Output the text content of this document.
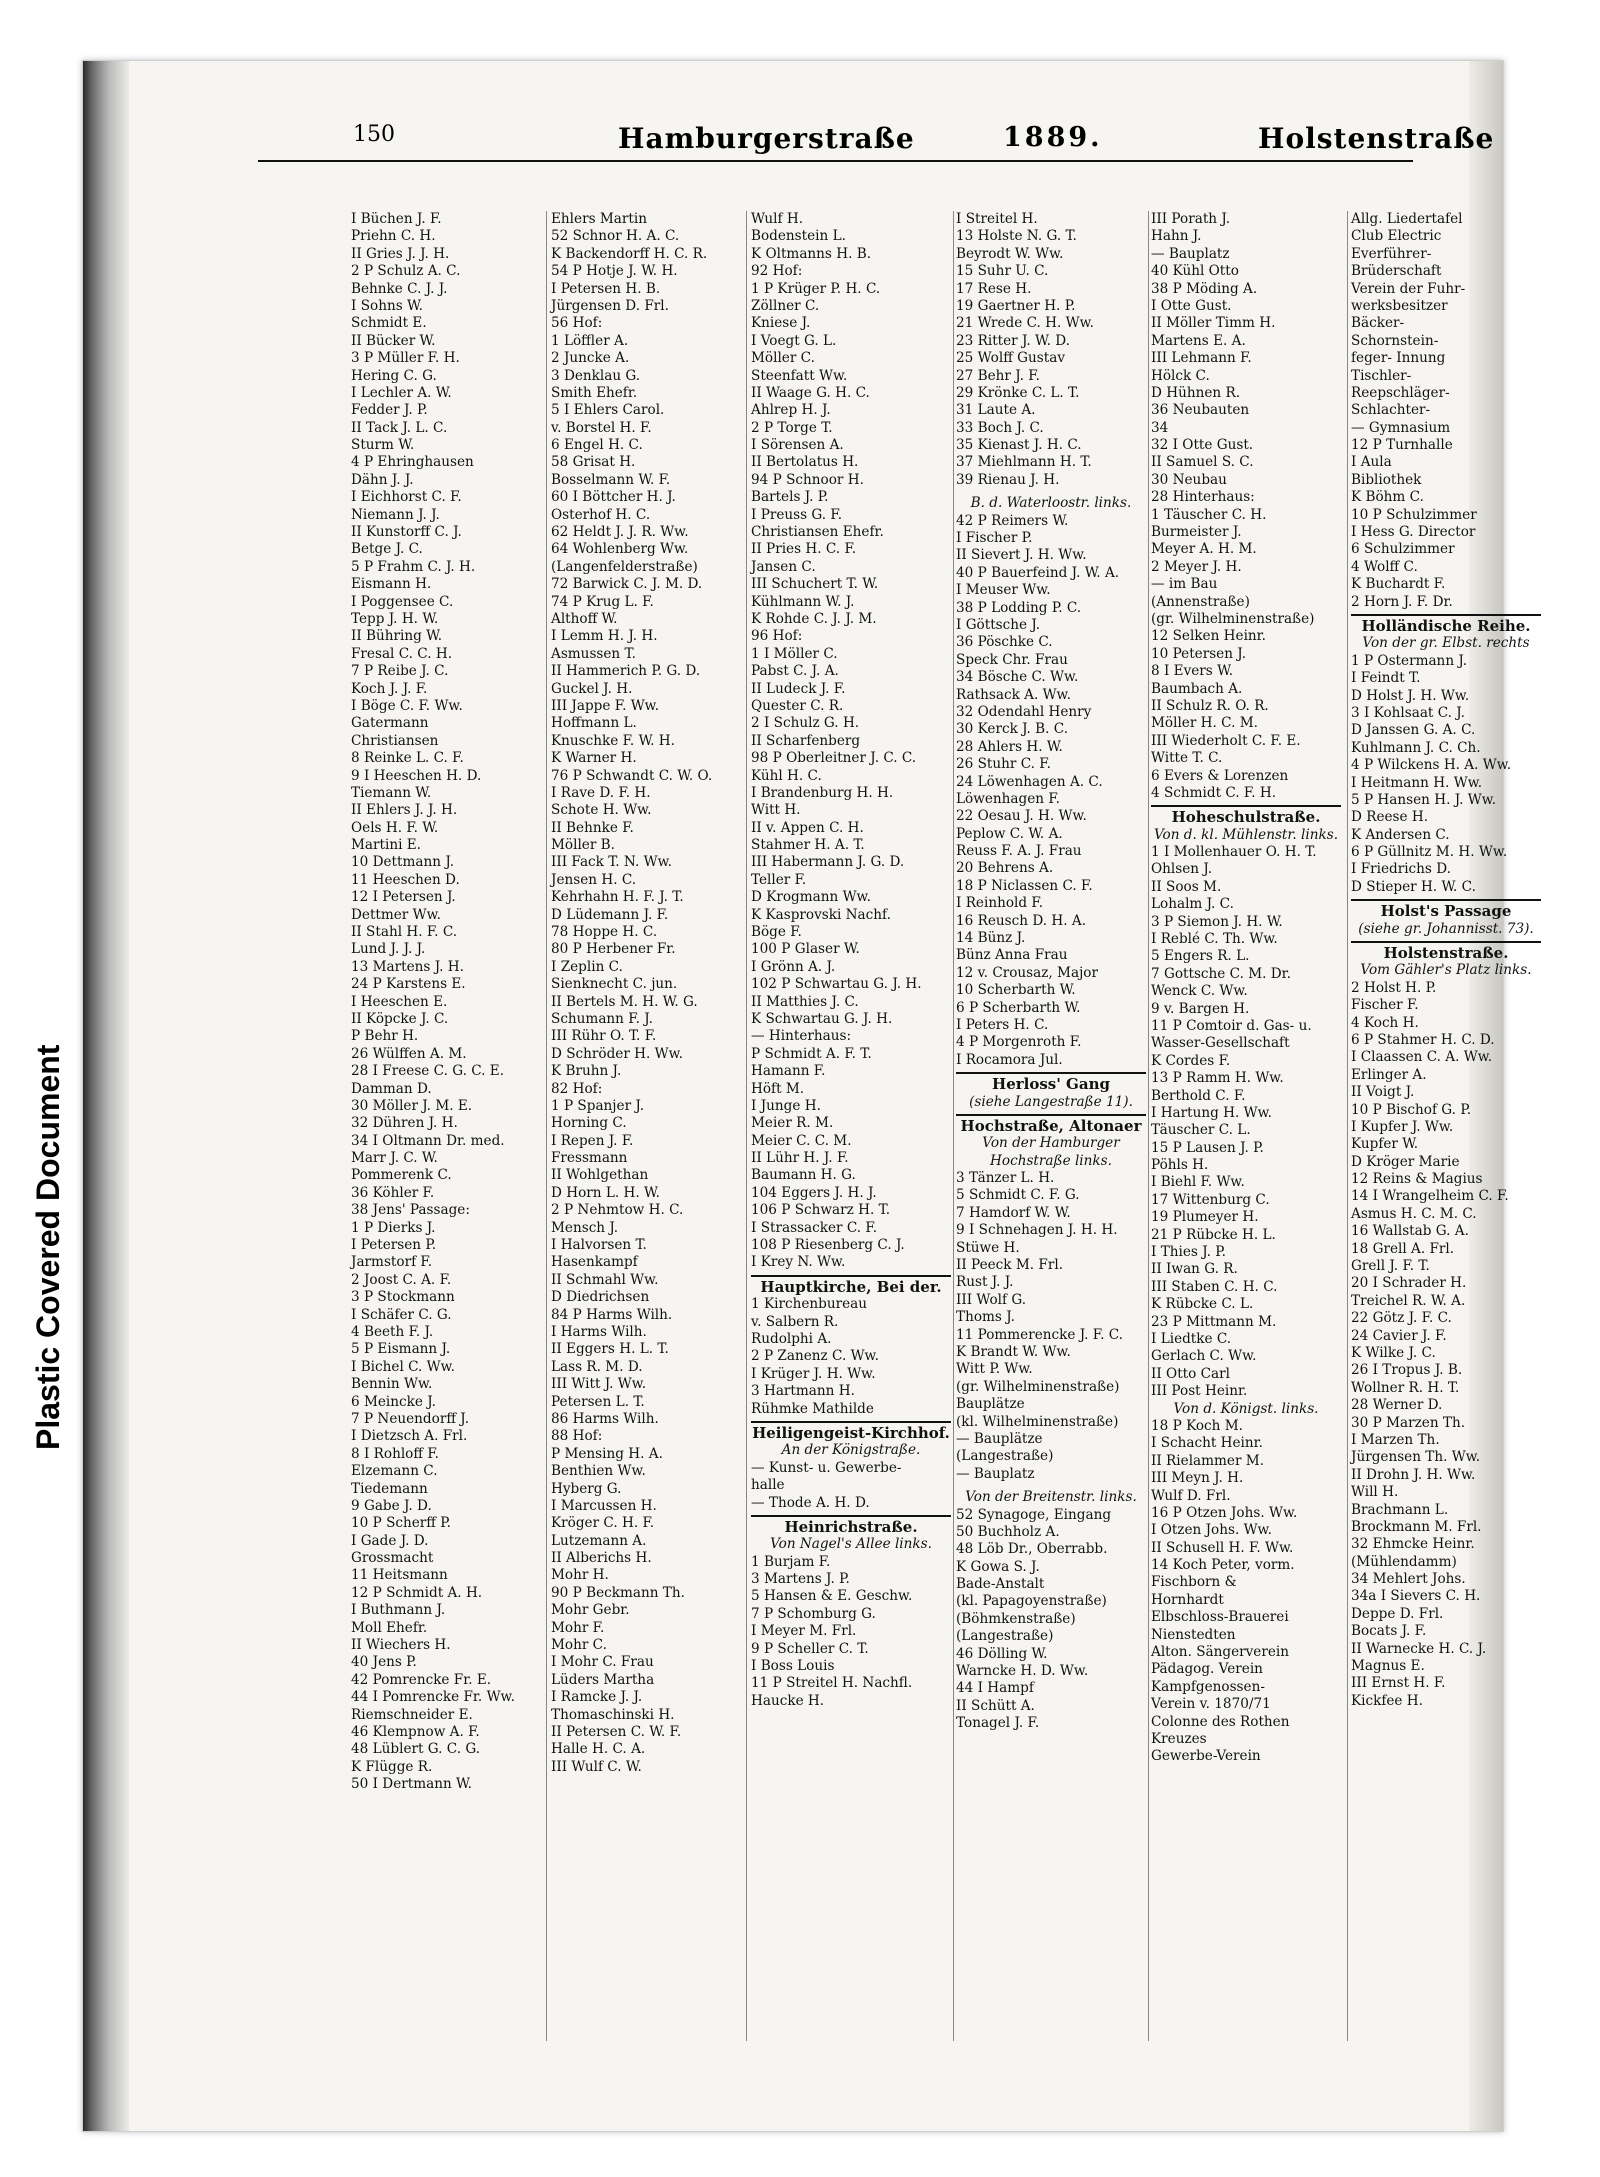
Plastic Covered Document
150	Hamburgerstraße	1889.	Holstenstraße
I Büchen J. F.
Priehn C. H.
II Gries J. J. H.
2 P Schulz A. C.
Behnke C. J. J.
I Sohns W.
Schmidt E.
II Bücker W.
3 P Müller F. H.
Hering C. G.
I Lechler A. W.
Fedder J. P.
II Tack J. L. C.
Sturm W.
4 P Ehringhausen
Dähn J. J.
I Eichhorst C. F.
Niemann J. J.
II Kunstorff C. J.
Betge J. C.
5 P Frahm C. J. H.
Eismann H.
I Poggensee C.
Tepp J. H. W.
II Bühring W.
Fresal C. C. H.
7 P Reibe J. C.
Koch J. J. F.
I Böge C. F. Ww.
Gatermann
Christiansen
8 Reinke L. C. F.
9 I Heeschen H. D.
Tiemann W.
II Ehlers J. J. H.
Oels H. F. W.
Martini E.
10 Dettmann J.
11 Heeschen D.
12 I Petersen J.
Dettmer Ww.
II Stahl H. F. C.
Lund J. J. J.
13 Martens J. H.
24 P Karstens E.
I Heeschen E.
II Köpcke J. C.
P Behr H.
26 Wülffen A. M.
28 I Freese C. G. C. E.
Damman D.
30 Möller J. M. E.
32 Dühren J. H.
34 I Oltmann Dr. med.
Marr J. C. W.
Pommerenk C.
36 Köhler F.
38 Jens' Passage:
1 P Dierks J.
I Petersen P.
Jarmstorf F.
2 Joost C. A. F.
3 P Stockmann
I Schäfer C. G.
4 Beeth F. J.
5 P Eismann J.
I Bichel C. Ww.
Bennin Ww.
6 Meincke J.
7 P Neuendorff J.
I Dietzsch A. Frl.
8 I Rohloff F.
Elzemann C.
Tiedemann
9 Gabe J. D.
10 P Scherff P.
I Gade J. D.
Grossmacht
11 Heitsmann
12 P Schmidt A. H.
I Buthmann J.
Moll Ehefr.
II Wiechers H.
40 Jens P.
42 Pomrencke Fr. E.
44 I Pomrencke Fr. Ww.
Riemschneider E.
46 Klempnow A. F.
48 Lüblert G. C. G.
K Flügge R.
50 I Dertmann W.
Ehlers Martin
52 Schnor H. A. C.
K Backendorff H. C. R.
54 P Hotje J. W. H.
I Petersen H. B.
Jürgensen D. Frl.
56 Hof:
1 Löffler A.
2 Juncke A.
3 Denklau G.
Smith Ehefr.
5 I Ehlers Carol.
v. Borstel H. F.
6 Engel H. C.
58 Grisat H.
Bosselmann W. F.
60 I Böttcher H. J.
Osterhof H. C.
62 Heldt J. J. R. Ww.
64 Wohlenberg Ww.
(Langenfelderstraße)
72 Barwick C. J. M. D.
74 P Krug L. F.
Althoff W.
I Lemm H. J. H.
Asmussen T.
II Hammerich P. G. D.
Guckel J. H.
III Jappe F. Ww.
Hoffmann L.
Knuschke F. W. H.
K Warner H.
76 P Schwandt C. W. O.
I Rave D. F. H.
Schote H. Ww.
II Behnke F.
Möller B.
III Fack T. N. Ww.
Jensen H. C.
Kehrhahn H. F. J. T.
D Lüdemann J. F.
78 Hoppe H. C.
80 P Herbener Fr.
I Zeplin C.
Sienknecht C. jun.
II Bertels M. H. W. G.
Schumann F. J.
III Rühr O. T. F.
D Schröder H. Ww.
K Bruhn J.
82 Hof:
1 P Spanjer J.
Horning C.
I Repen J. F.
Fressmann
II Wohlgethan
D Horn L. H. W.
2 P Nehmtow H. C.
Mensch J.
I Halvorsen T.
Hasenkampf
II Schmahl Ww.
D Diedrichsen
84 P Harms Wilh.
I Harms Wilh.
II Eggers H. L. T.
Lass R. M. D.
III Witt J. Ww.
Petersen L. T.
86 Harms Wilh.
88 Hof:
P Mensing H. A.
Benthien Ww.
Hyberg G.
I Marcussen H.
Kröger C. H. F.
Lutzemann A.
II Alberichs H.
Mohr H.
90 P Beckmann Th.
Mohr Gebr.
Mohr F.
Mohr C.
I Mohr C. Frau
Lüders Martha
I Ramcke J. J.
Thomaschinski H.
II Petersen C. W. F.
Halle H. C. A.
III Wulf C. W.
Wulf H.
Bodenstein L.
K Oltmanns H. B.
92 Hof:
1 P Krüger P. H. C.
Zöllner C.
Kniese J.
I Voegt G. L.
Möller C.
Steenfatt Ww.
II Waage G. H. C.
Ahlrep H. J.
2 P Torge T.
I Sörensen A.
II Bertolatus H.
94 P Schnoor H.
Bartels J. P.
I Preuss G. F.
Christiansen Ehefr.
II Pries H. C. F.
Jansen C.
III Schuchert T. W.
Kühlmann W. J.
K Rohde C. J. J. M.
96 Hof:
1 I Möller C.
Pabst C. J. A.
II Ludeck J. F.
Quester C. R.
2 I Schulz G. H.
II Scharfenberg
98 P Oberleitner J. C. C.
Kühl H. C.
I Brandenburg H. H.
Witt H.
II v. Appen C. H.
Stahmer H. A. T.
III Habermann J. G. D.
Teller F.
D Krogmann Ww.
K Kasprovski Nachf.
Böge F.
100 P Glaser W.
I Grönn A. J.
102 P Schwartau G. J. H.
II Matthies J. C.
K Schwartau G. J. H.
— Hinterhaus:
P Schmidt A. F. T.
Hamann F.
Höft M.
I Junge H.
Meier R. M.
Meier C. C. M.
II Lühr H. J. F.
Baumann H. G.
104 Eggers J. H. J.
106 P Schwarz H. T.
I Strassacker C. F.
108 P Riesenberg C. J.
I Krey N. Ww.
Hauptkirche, Bei der.
1 Kirchenbureau
v. Salbern R.
Rudolphi A.
2 P Zanenz C. Ww.
I Krüger J. H. Ww.
3 Hartmann H.
Rühmke Mathilde
Heiligengeist-Kirchhof.
An der Königstraße.
— Kunst- u. Gewerbe-
halle
— Thode A. H. D.
Heinrichstraße.
Von Nagel's Allee links.
1 Burjam F.
3 Martens J. P.
5 Hansen & E. Geschw.
7 P Schomburg G.
I Meyer M. Frl.
9 P Scheller C. T.
I Boss Louis
11 P Streitel H. Nachfl.
Haucke H.
I Streitel H.
13 Holste N. G. T.
Beyrodt W. Ww.
15 Suhr U. C.
17 Rese H.
19 Gaertner H. P.
21 Wrede C. H. Ww.
23 Ritter J. W. D.
25 Wolff Gustav
27 Behr J. F.
29 Krönke C. L. T.
31 Laute A.
33 Boch J. C.
35 Kienast J. H. C.
37 Miehlmann H. T.
39 Rienau J. H.
B. d. Waterloostr. links.
42 P Reimers W.
I Fischer P.
II Sievert J. H. Ww.
40 P Bauerfeind J. W. A.
I Meuser Ww.
38 P Lodding P. C.
I Göttsche J.
36 Pöschke C.
Speck Chr. Frau
34 Bösche C. Ww.
Rathsack A. Ww.
32 Odendahl Henry
30 Kerck J. B. C.
28 Ahlers H. W.
26 Stuhr C. F.
24 Löwenhagen A. C.
Löwenhagen F.
22 Oesau J. H. Ww.
Peplow C. W. A.
Reuss F. A. J. Frau
20 Behrens A.
18 P Niclassen C. F.
I Reinhold F.
16 Reusch D. H. A.
14 Bünz J.
Bünz Anna Frau
12 v. Crousaz, Major
10 Scherbarth W.
6 P Scherbarth W.
I Peters H. C.
4 P Morgenroth F.
I Rocamora Jul.
Herloss' Gang
(siehe Langestraße 11).
Hochstraße, Altonaer
Von der Hamburger
Hochstraße links.
3 Tänzer L. H.
5 Schmidt C. F. G.
7 Hamdorf W. W.
9 I Schnehagen J. H. H.
Stüwe H.
II Peeck M. Frl.
Rust J. J.
III Wolf G.
Thoms J.
11 Pommerencke J. F. C.
K Brandt W. Ww.
Witt P. Ww.
(gr. Wilhelminenstraße)
Bauplätze
(kl. Wilhelminenstraße)
— Bauplätze
(Langestraße)
— Bauplatz
Von der Breitenstr. links.
52 Synagoge, Eingang
50 Buchholz A.
48 Löb Dr., Oberrabb.
K Gowa S. J.
Bade-Anstalt
(kl. Papagoyenstraße)
(Böhmkenstraße)
(Langestraße)
46 Dölling W.
Warncke H. D. Ww.
44 I Hampf
II Schütt A.
Tonagel J. F.
III Porath J.
Hahn J.
— Bauplatz
40 Kühl Otto
38 P Möding A.
I Otte Gust.
II Möller Timm H.
Martens E. A.
III Lehmann F.
Hölck C.
D Hühnen R.
36 Neubauten
34
32 I Otte Gust.
II Samuel S. C.
30 Neubau
28 Hinterhaus:
1 Täuscher C. H.
Burmeister J.
Meyer A. H. M.
2 Meyer J. H.
— im Bau
(Annenstraße)
(gr. Wilhelminenstraße)
12 Selken Heinr.
10 Petersen J.
8 I Evers W.
Baumbach A.
II Schulz R. O. R.
Möller H. C. M.
III Wiederholt C. F. E.
Witte T. C.
6 Evers & Lorenzen
4 Schmidt C. F. H.
Hoheschulstraße.
Von d. kl. Mühlenstr. links.
1 I Mollenhauer O. H. T.
Ohlsen J.
II Soos M.
Lohalm J. C.
3 P Siemon J. H. W.
I Reblé C. Th. Ww.
5 Engers R. L.
7 Gottsche C. M. Dr.
Wenck C. Ww.
9 v. Bargen H.
11 P Comtoir d. Gas- u.
Wasser-Gesellschaft
K Cordes F.
13 P Ramm H. Ww.
Berthold C. F.
I Hartung H. Ww.
Täuscher C. L.
15 P Lausen J. P.
Pöhls H.
I Biehl F. Ww.
17 Wittenburg C.
19 Plumeyer H.
21 P Rübcke H. L.
I Thies J. P.
II Iwan G. R.
III Staben C. H. C.
K Rübcke C. L.
23 P Mittmann M.
I Liedtke C.
Gerlach C. Ww.
II Otto Carl
III Post Heinr.
Von d. Königst. links.
18 P Koch M.
I Schacht Heinr.
II Rielammer M.
III Meyn J. H.
Wulf D. Frl.
16 P Otzen Johs. Ww.
I Otzen Johs. Ww.
II Schusell H. F. Ww.
14 Koch Peter, vorm.
Fischborn &
Hornhardt
Elbschloss-Brauerei
Nienstedten
Alton. Sängerverein
Pädagog. Verein
Kampfgenossen-
Verein v. 1870/71
Colonne des Rothen
Kreuzes
Gewerbe-Verein
Allg. Liedertafel
Club Electric
Everführer-
Brüderschaft
Verein der Fuhr-
werksbesitzer
Bäcker-
Schornstein-
feger- Innung
Tischler-
Reepschläger-
Schlachter-
— Gymnasium
12 P Turnhalle
I Aula
Bibliothek
K Böhm C.
10 P Schulzimmer
I Hess G. Director
6 Schulzimmer
4 Wolff C.
K Buchardt F.
2 Horn J. F. Dr.
Holländische Reihe.
Von der gr. Elbst. rechts
1 P Ostermann J.
I Feindt T.
D Holst J. H. Ww.
3 I Kohlsaat C. J.
D Janssen G. A. C.
Kuhlmann J. C. Ch.
4 P Wilckens H. A. Ww.
I Heitmann H. Ww.
5 P Hansen H. J. Ww.
D Reese H.
K Andersen C.
6 P Güllnitz M. H. Ww.
I Friedrichs D.
D Stieper H. W. C.
Holst's Passage
(siehe gr. Johannisst. 73).
Holstenstraße.
Vom Gähler's Platz links.
2 Holst H. P.
Fischer F.
4 Koch H.
6 P Stahmer H. C. D.
I Claassen C. A. Ww.
Erlinger A.
II Voigt J.
10 P Bischof G. P.
I Kupfer J. Ww.
Kupfer W.
D Kröger Marie
12 Reins & Magius
14 I Wrangelheim C. F.
Asmus H. C. M. C.
16 Wallstab G. A.
18 Grell A. Frl.
Grell J. F. T.
20 I Schrader H.
Treichel R. W. A.
22 Götz J. F. C.
24 Cavier J. F.
K Wilke J. C.
26 I Tropus J. B.
Wollner R. H. T.
28 Werner D.
30 P Marzen Th.
I Marzen Th.
Jürgensen Th. Ww.
II Drohn J. H. Ww.
Will H.
Brachmann L.
Brockmann M. Frl.
32 Ehmcke Heinr.
(Mühlendamm)
34 Mehlert Johs.
34a I Sievers C. H.
Deppe D. Frl.
Bocats J. F.
II Warnecke H. C. J.
Magnus E.
III Ernst H. F.
Kickfee H.
